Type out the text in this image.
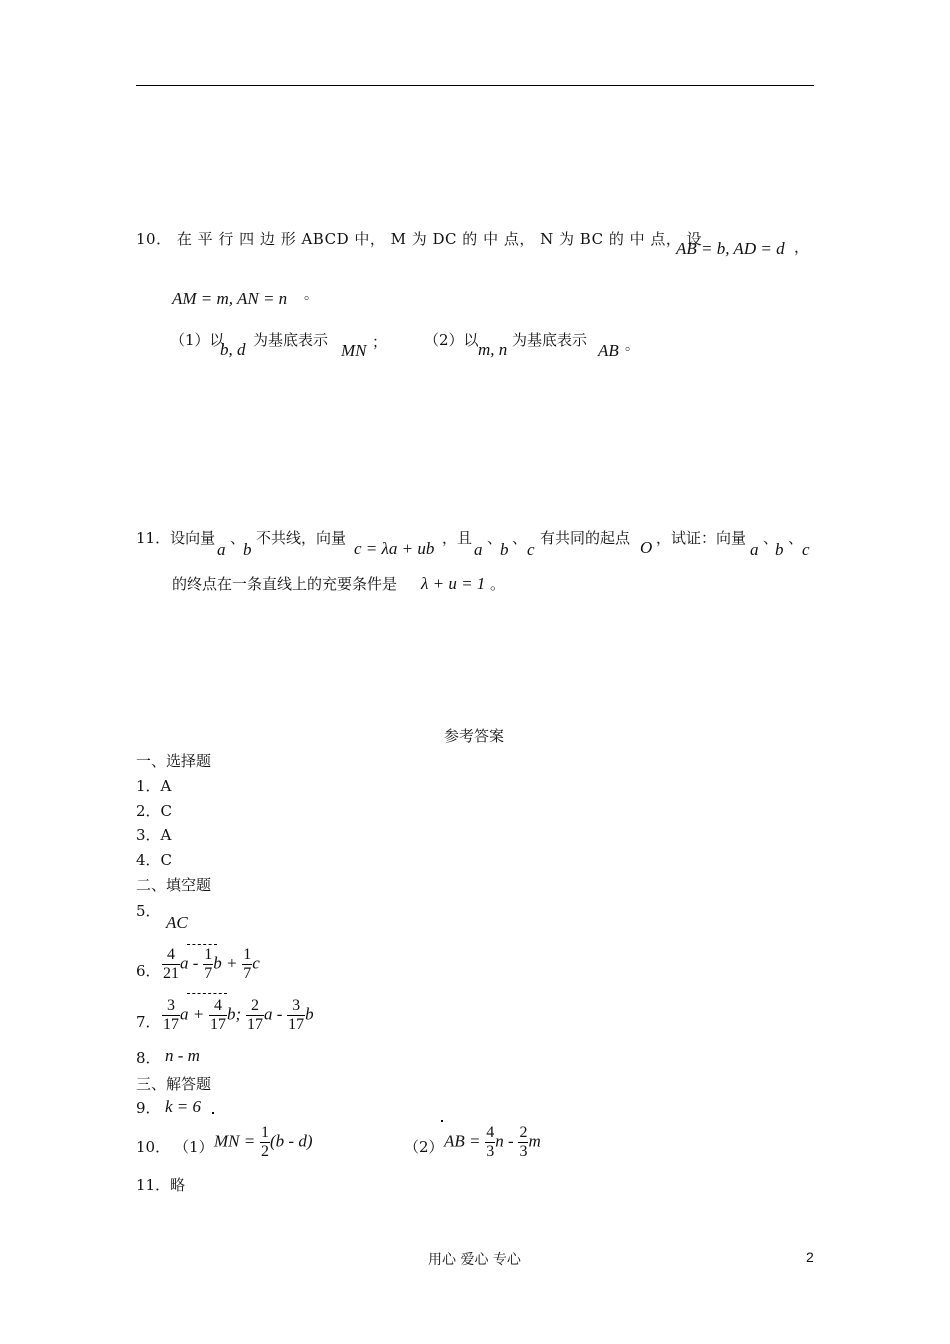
10． 在 平 行 四 边 形 ABCD 中， M 为 DC 的 中 点， N 为 BC 的 中 点， 设
AB = b, AD = d ，
AM = m, AN = n 。
（1）以
b, d 为基底表示
MN ； （2）以 m, n 为基底表示
AB 。
11．设向量
a
、
b
不共线，向量
c = λa + ub
，且
a
、
b
、
c
有共同的起点 O ，试证：向量
a
、
b
、
c
的终点在一条直线上的充要条件是 λ + u = 1 。
参考答案
一、选择题
1．A
2．C
3．A
4．C
二、填空题
5．
AC
6． $\frac{4}{21}$ a - $\frac{1}{7}$ $b + \frac{1}{7}$ c
7． $\frac{3}{17}$ $a + \frac{4}{17} b$; $\frac{2}{17}$ a - $\frac{3}{17}$ b
8． n - m
三、解答题
9． k = 6
10． （1） MN = $\frac{1}{2} (b - d)$	（2） AB = $\frac{4}{3}$ n - $\frac{2}{3}$ m
11．略
用心 爱心 专心	2
